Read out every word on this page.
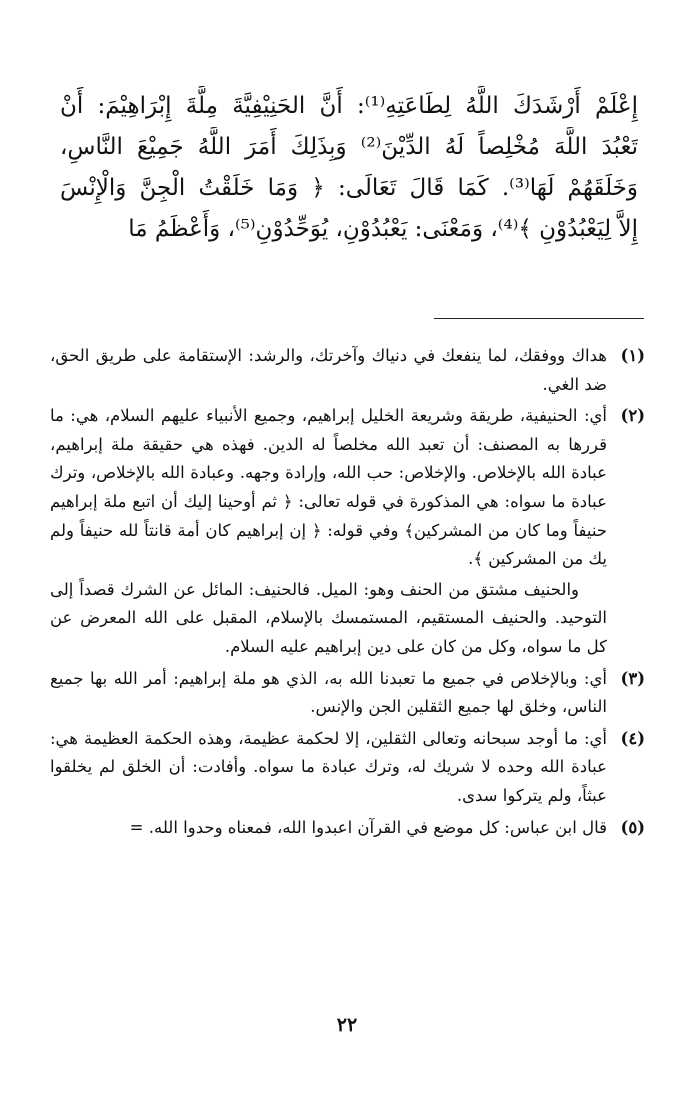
إِعْلَمْ أَرْشَدَكَ اللَّهُ لِطَاعَتِهِ⁽¹⁾: أَنَّ الحَنِيْفِيَّةَ مِلَّةَ إِبْرَاهِيْمَ: أَنْ
تَعْبُدَ اللَّهَ مُخْلِصاً لَهُ الدِّيْنَ⁽²⁾ وَبِذَلِكَ أَمَرَ اللَّهُ جَمِيْعَ النَّاسِ،
وَخَلَقَهُمْ لَهَا⁽³⁾. كَمَا قَالَ تَعَالَى: ﴿ وَمَا خَلَقْتُ الْجِنَّ وَالْإِنْسَ
إِلاَّ لِيَعْبُدُوْنِ ﴾⁽⁴⁾، وَمَعْنَى: يَعْبُدُوْنِ، يُوَحِّدُوْنِ⁽⁵⁾، وَأَعْظَمُ مَا
(١)

هداك ووفقك، لما ينفعك في دنياك وآخرتك، والرشد: الإستقامة على طريق الحق، ضد الغي.

(٢)

أي: الحنيفية، طريقة وشريعة الخليل إبراهيم، وجميع الأنبياء عليهم السلام، هي: ما قررها به المصنف: أن تعبد الله مخلصاً له الدين. فهذه هي حقيقة ملة إبراهيم، عبادة الله بالإخلاص. والإخلاص: حب الله، وإرادة وجهه. وعبادة الله بالإخلاص، وترك عبادة ما سواه: هي المذكورة في قوله تعالى: ﴿ ثم أوحينا إليك أن اتبع ملة إبراهيم حنيفاً وما كان من المشركين﴾ وفي قوله: ﴿ إن إبراهيم كان أمة قانتاً لله حنيفاً ولم يك من المشركين ﴾.

والحنيف مشتق من الحنف وهو: الميل. فالحنيف: المائل عن الشرك قصداً إلى التوحيد. والحنيف المستقيم، المستمسك بالإسلام، المقبل على الله المعرض عن كل ما سواه، وكل من كان على دين إبراهيم عليه السلام.

(٣)

أي: وبالإخلاص في جميع ما تعبدنا الله به، الذي هو ملة إبراهيم: أمر الله بها جميع الناس، وخلق لها جميع الثقلين الجن والإنس.

(٤)

أي: ما أوجد سبحانه وتعالى الثقلين، إلا لحكمة عظيمة، وهذه الحكمة العظيمة هي: عبادة الله وحده لا شريك له، وترك عبادة ما سواه. وأفادت: أن الخلق لم يخلقوا عبثاً، ولم يتركوا سدى.

(٥)

قال ابن عباس: كل موضع في القرآن اعبدوا الله، فمعناه وحدوا الله. =

٢٢
